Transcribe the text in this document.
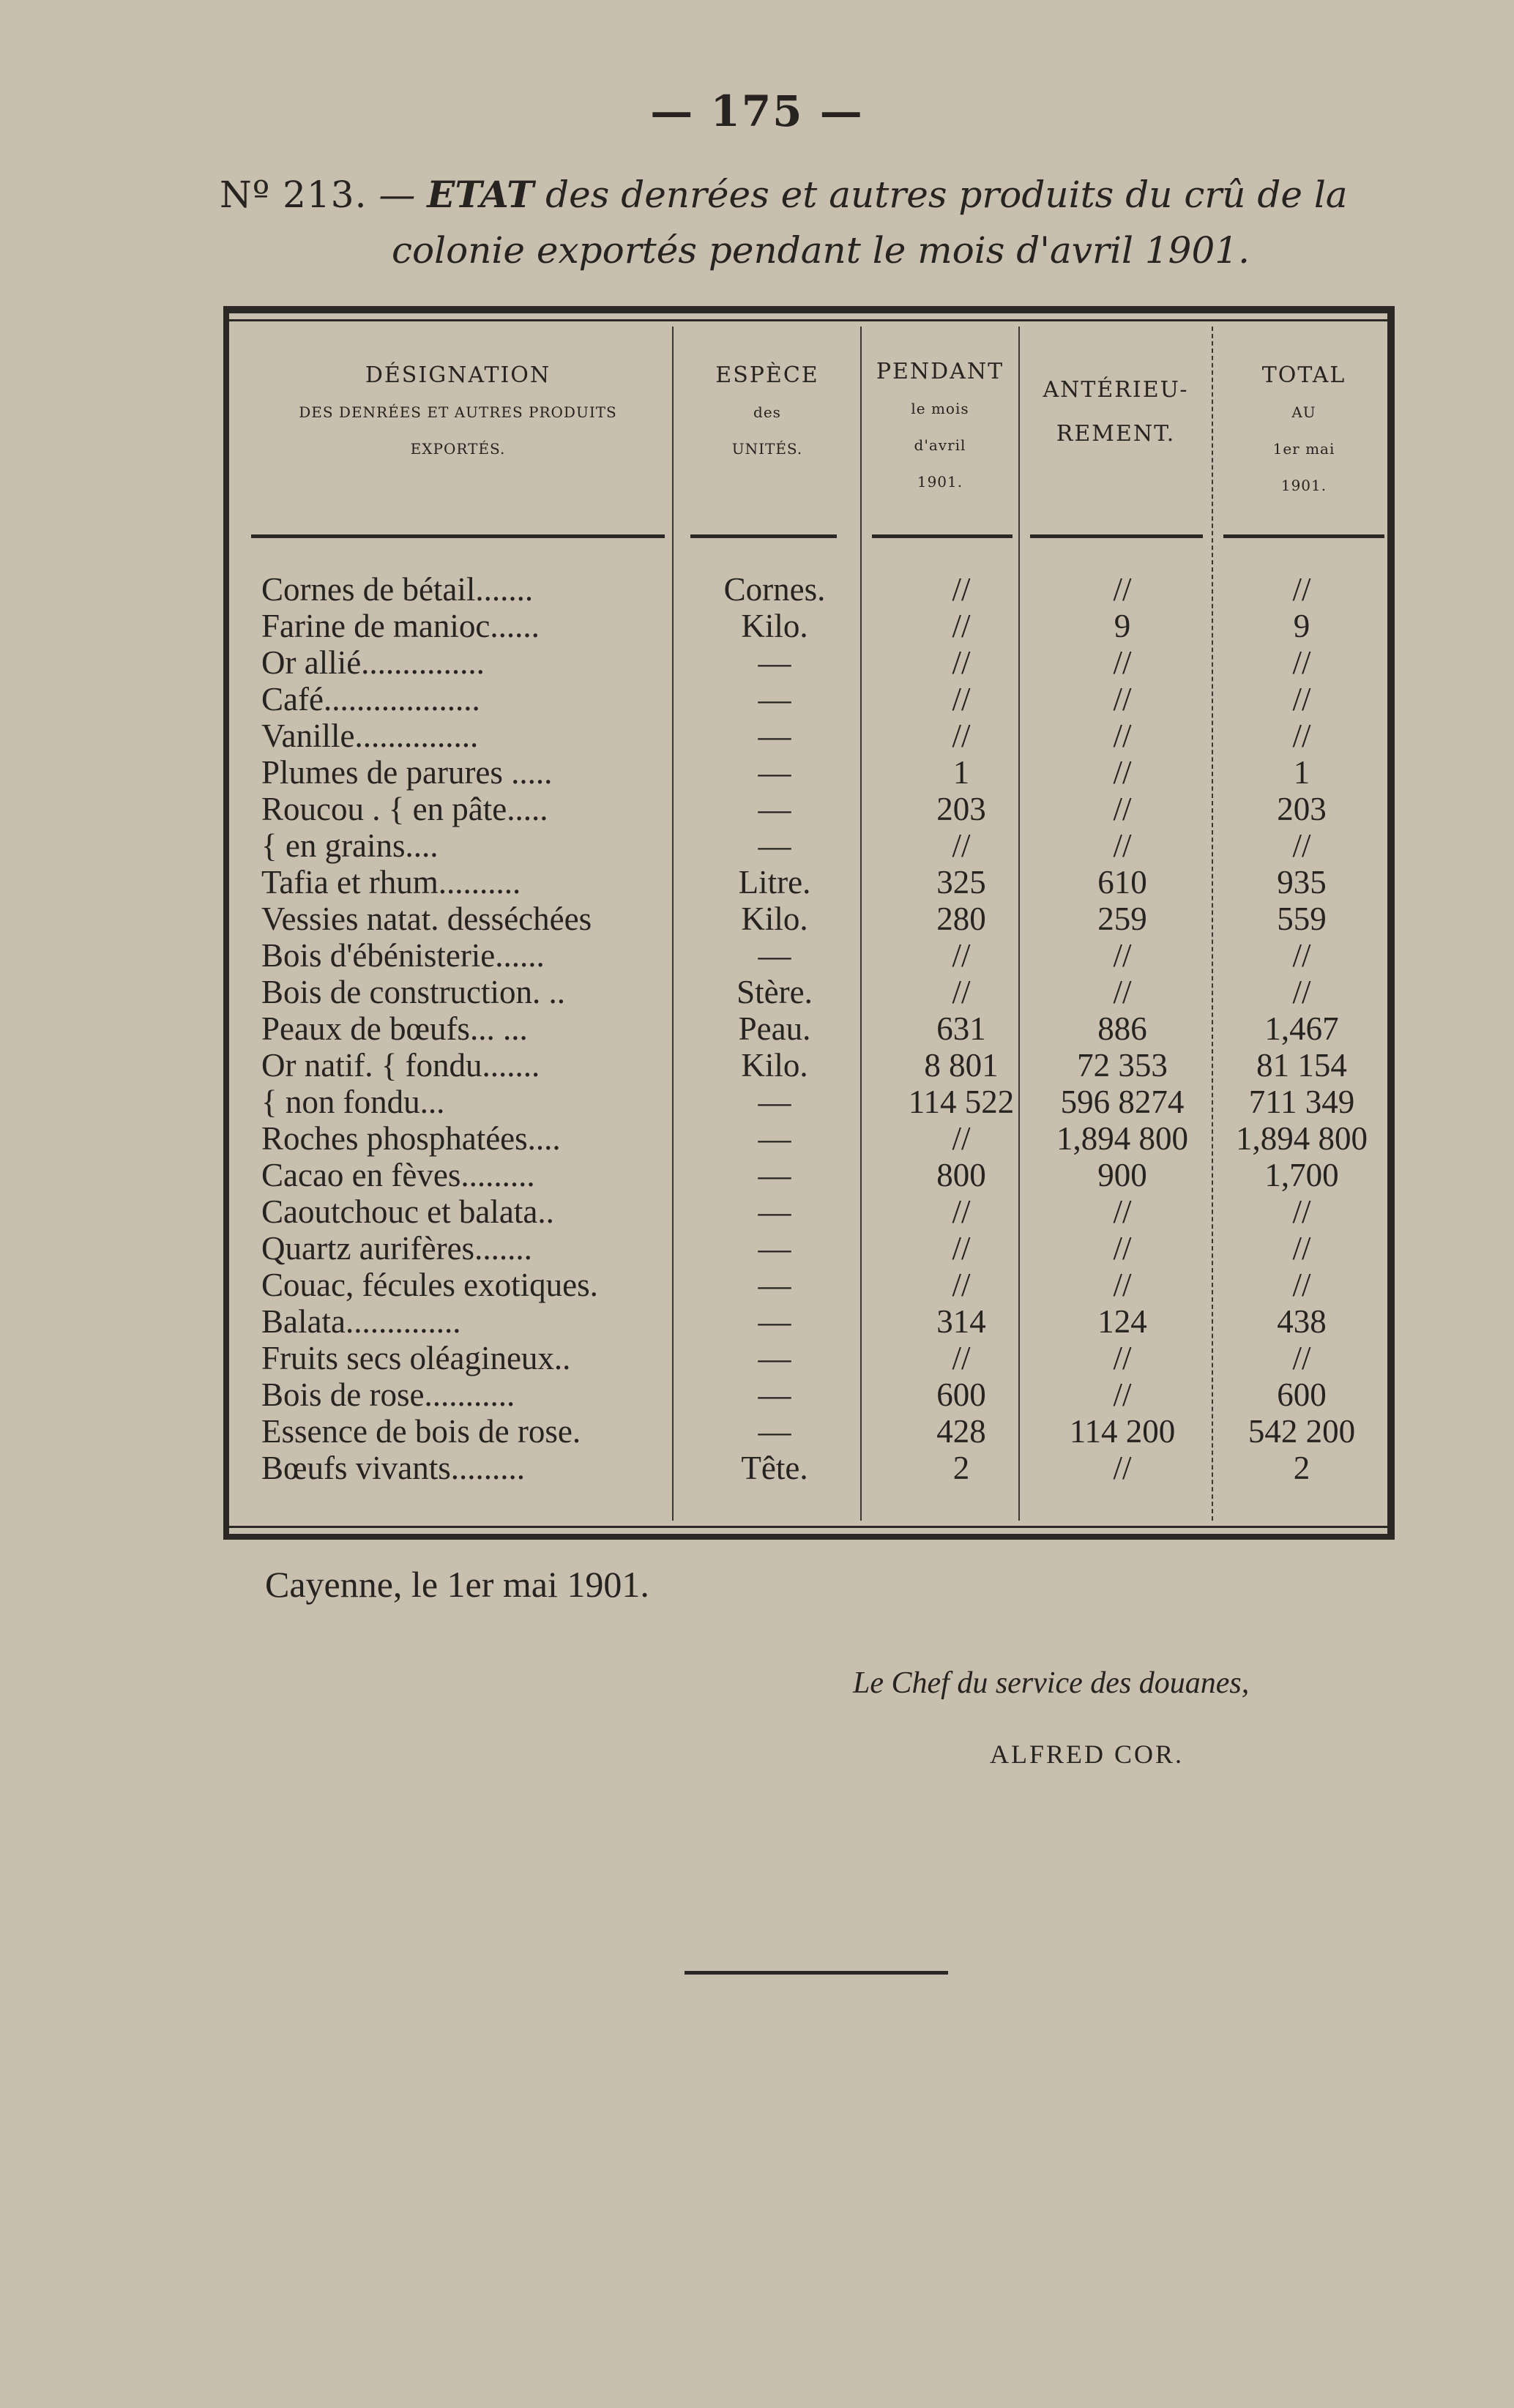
— 175 —
Nº 213. — ETAT des denrées et autres produits du crû de la
colonie exportés pendant le mois d'avril 1901.
DÉSIGNATION
DES DENRÉES ET AUTRES PRODUITS
EXPORTÉS.
ESPÈCE
des
UNITÉS.
PENDANT
le mois
d'avril
1901.
ANTÉRIEU-
REMENT.
TOTAL
AU
1er mai
1901.
Cornes de bétail.......	Cornes.	//	//	//
Farine de manioc......	Kilo.	//	9	9
Or allié...............	—	//	//	//
Café...................	—	//	//	//
Vanille...............	—	//	//	//
Plumes de parures .....	—	1	//	1
Roucou . { en pâte.....	—	203	//	203
{ en grains....	—	//	//	//
Tafia et rhum..........	Litre.	325	610	935
Vessies natat. desséchées	Kilo.	280	259	559
Bois d'ébénisterie......	—	//	//	//
Bois de construction. ..	Stère.	//	//	//
Peaux de bœufs... ...	Peau.	631	886	1,467
Or natif. { fondu.......	Kilo.	8 801	72 353	81 154
{ non fondu...	—	114 522	596 8274	711 349
Roches phosphatées....	—	//	1,894 800	1,894 800
Cacao en fèves.........	—	800	900	1,700
Caoutchouc et balata..	—	//	//	//
Quartz aurifères.......	—	//	//	//
Couac, fécules exotiques.	—	//	//	//
Balata..............	—	314	124	438
Fruits secs oléagineux..	—	//	//	//
Bois de rose...........	—	600	//	600
Essence de bois de rose.	—	428	114 200	542 200
Bœufs vivants.........	Tête.	2	//	2
Cayenne, le 1er mai 1901.
Le Chef du service des douanes,
ALFRED COR.
